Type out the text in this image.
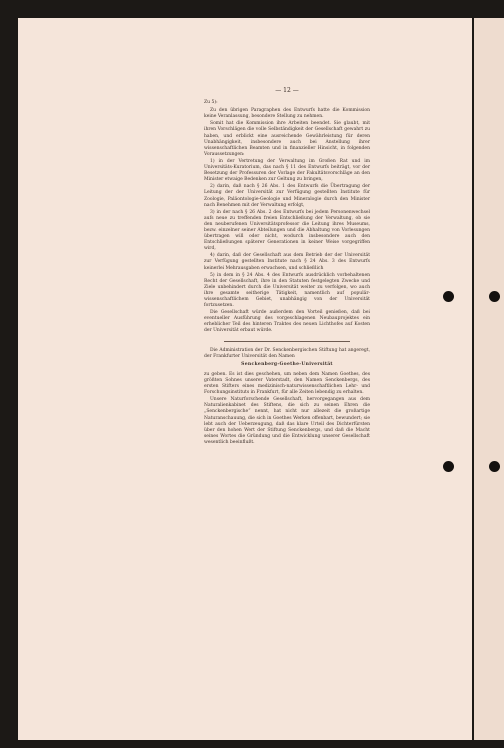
— 12 —
Zu 5):

Zu den übrigen Paragraphen des Entwurfs hatte die Kommission keine Veranlassung, besondere Stellung zu nehmen.

Somit hat die Kommission ihre Arbeiten beendet. Sie glaubt, mit ihren Vorschlägen die volle Selbständigkeit der Gesellschaft gewahrt zu haben, und erblickt eine ausreichende Gewährleistung für deren Unabhängigkeit, insbesondere auch bei Anstellung ihrer wissenschaftlichen Beamten und in finanzieller Hinsicht, in folgenden Voraussetzungen:

1) in der Vertretung der Verwaltung im Großen Rat und im Universitäts-Kuratorium, das nach § 11 des Entwurfs beiträgt, vor der Besetzung der Professuren der Vorlage der Fakultätsvorschläge an den Minister etwaige Bedenken zur Geltung zu bringen,

2) darin, daß nach § 26 Abs. 1 des Entwurfs die Übertragung der Leitung der der Universität zur Verfügung gestellten Institute für Zoologie, Paläontologie-Geologie und Mineralogie durch den Minister nach Benehmen mit der Verwaltung erfolgt,

3) in der nach § 26 Abs. 2 des Entwurfs bei jedem Personenwechsel aufs neue zu treffenden freien Entschließung der Verwaltung, ob sie den neuberufenen Universitätsprofessor die Leitung ihres Museums, bezw. einzelner seiner Abteilungen und die Abhaltung von Vorlesungen übertragen will oder nicht, wodurch insbesondere auch den Entschließungen späterer Generationen in keiner Weise vorgegriffen wird,

4) darin, daß der Gesellschaft aus dem Betrieb der der Universität zur Verfügung gestellten Institute nach § 24 Abs. 3 des Entwurfs keinerlei Mehrausgaben erwachsen, und schließlich

5) in dem in § 24 Abs. 4 des Entwurfs ausdrücklich vorbehaltenen Recht der Gesellschaft, ihre in den Statuten festgelegten Zwecke und Ziele unbehindert durch die Universität weiter zu verfolgen, wo auch ihre gesamte seitherige Tätigkeit, namentlich auf populär-wissenschaftlichem Gebiet, unabhängig von der Universität fortzusetzen.

Die Gesellschaft würde außerdem den Vorteil genießen, daß bei eventueller Ausführung des vorgeschlagenen Neubauprojektes ein erheblicher Teil des hinteren Traktes des neuen Lichthofes auf Kosten der Universität erbaut würde.

Die Administration der Dr. Senckenbergischen Stiftung hat angeregt, der Frankfurter Universität den Namen

Senckenberg-Goethe-Universität

zu geben. Es ist dies geschehen, um neben dem Namen Goethes, des größten Sohnes unserer Vaterstadt, den Namen Senckenbergs, des ersten Stifters eines medizinisch-naturwissenschaftlichen Lehr- und Forschungsinstituts in Frankfurt, für alle Zeiten lebendig zu erhalten.

Unsere Naturforschende Gesellschaft, hervorgegangen aus dem Naturalienkabinet des Stiftens, die sich zu seinen Ehren die „Senckenbergische“ nennt, hat nicht nur allezeit die großartige Naturanschauung, die sich in Goethes Werken offenbart, bewundert; sie lebt auch der Ueberzeugung, daß das klare Urteil des Dichterfürsten über den hohen Wert der Stiftung Senckenbergs, und daß die Macht seines Wortes die Gründung und die Entwicklung unserer Gesellschaft wesentlich beeinflußt.
